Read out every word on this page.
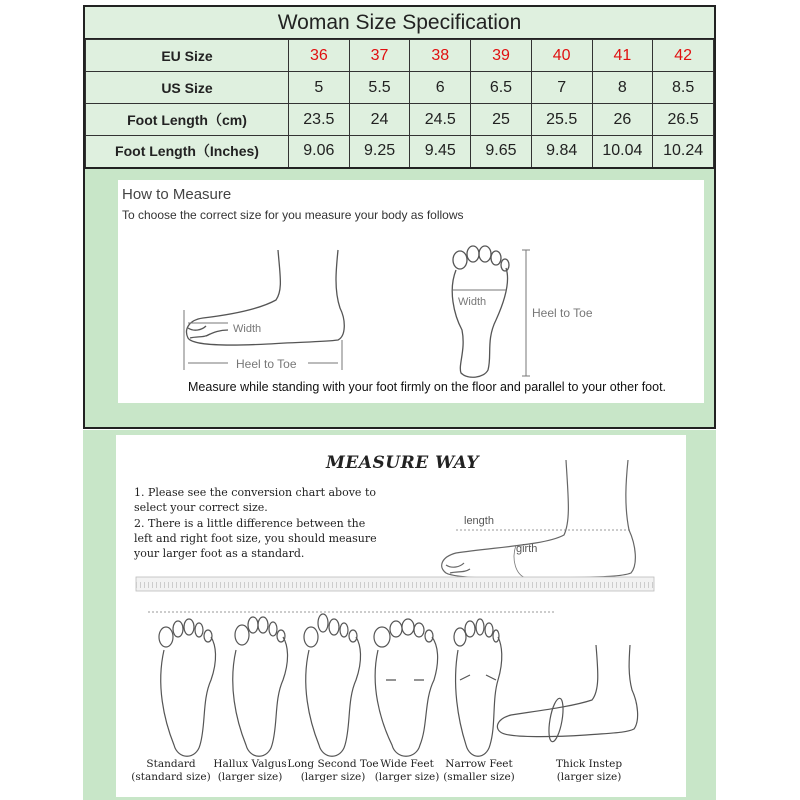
Woman Size Specification
EU Size	36	37	38	39	40	41	42
US Size	5	5.5	6	6.5	7	8	8.5
Foot Length（cm)	23.5	24	24.5	25	25.5	26	26.5
Foot Length（Inches)	9.06	9.25	9.45	9.65	9.84	10.04	10.24
How to Measure
To choose the correct size for you measure your body as follows
Width
Heel to Toe
Width
Heel to Toe
Measure while standing with your foot firmly on the floor and parallel to your other foot.
MEASURE WAY
1. Please see the conversion chart above to select your correct size.
2. There is a little difference between the left and right foot size, you should measure your larger foot as a standard.
length
girth
Standard
(standard size)
Hallux Valgus
(larger size)
Long Second Toe
(larger size)
Wide Feet
(larger size)
Narrow Feet
(smaller size)
Thick Instep
(larger size)
